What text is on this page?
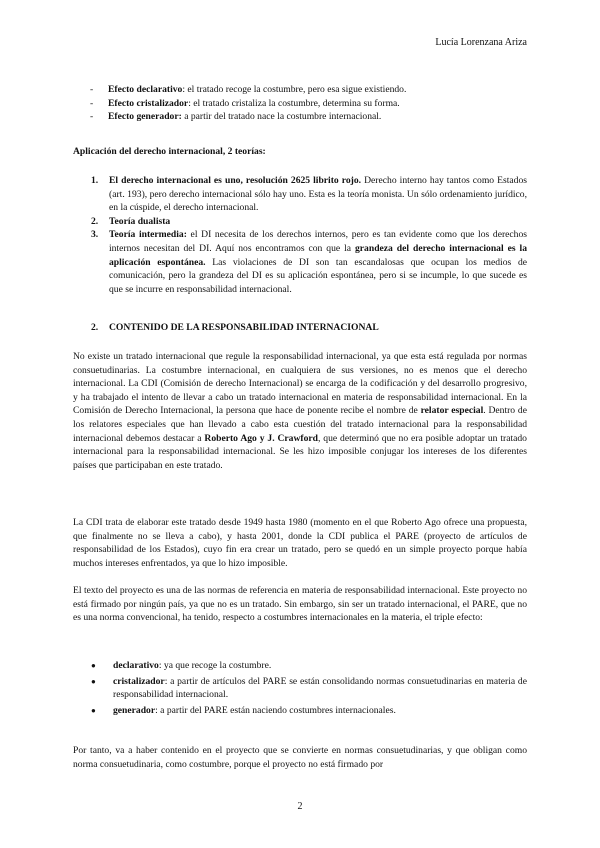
Lucía Lorenzana Ariza
- Efecto declarativo: el tratado recoge la costumbre, pero esa sigue existiendo.
- Efecto cristalizador: el tratado cristaliza la costumbre, determina su forma.
- Efecto generador: a partir del tratado nace la costumbre internacional.
Aplicación del derecho internacional, 2 teorías:
1. El derecho internacional es uno, resolución 2625 librito rojo. Derecho interno hay tantos como Estados (art. 193), pero derecho internacional sólo hay uno. Esta es la teoría monista. Un sólo ordenamiento jurídico, en la cúspide, el derecho internacional.
2. Teoría dualista
3. Teoría intermedia: el DI necesita de los derechos internos, pero es tan evidente como que los derechos internos necesitan del DI. Aquí nos encontramos con que la grandeza del derecho internacional es la aplicación espontánea. Las violaciones de DI son tan escandalosas que ocupan los medios de comunicación, pero la grandeza del DI es su aplicación espontánea, pero si se incumple, lo que sucede es que se incurre en responsabilidad internacional.
2. CONTENIDO DE LA RESPONSABILIDAD INTERNACIONAL

No existe un tratado internacional que regule la responsabilidad internacional, ya que esta está regulada por normas consuetudinarias. La costumbre internacional, en cualquiera de sus versiones, no es menos que el derecho internacional. La CDI (Comisión de derecho Internacional) se encarga de la codificación y del desarrollo progresivo, y ha trabajado el intento de llevar a cabo un tratado internacional en materia de responsabilidad internacional. En la Comisión de Derecho Internacional, la persona que hace de ponente recibe el nombre de relator especial. Dentro de los relatores especiales que han llevado a cabo esta cuestión del tratado internacional para la responsabilidad internacional debemos destacar a Roberto Ago y J. Crawford, que determinó que no era posible adoptar un tratado internacional para la responsabilidad internacional. Se les hizo imposible conjugar los intereses de los diferentes países que participaban en este tratado.

La CDI trata de elaborar este tratado desde 1949 hasta 1980 (momento en el que Roberto Ago ofrece una propuesta, que finalmente no se lleva a cabo), y hasta 2001, donde la CDI publica el PARE (proyecto de artículos de responsabilidad de los Estados), cuyo fin era crear un tratado, pero se quedó en un simple proyecto porque había muchos intereses enfrentados, ya que lo hizo imposible.

El texto del proyecto es una de las normas de referencia en materia de responsabilidad internacional. Este proyecto no está firmado por ningún país, ya que no es un tratado. Sin embargo, sin ser un tratado internacional, el PARE, que no es una norma convencional, ha tenido, respecto a costumbres internacionales en la materia, el triple efecto:

● declarativo: ya que recoge la costumbre.
● cristalizador: a partir de artículos del PARE se están consolidando normas consuetudinarias en materia de responsabilidad internacional.
● generador: a partir del PARE están naciendo costumbres internacionales.

Por tanto, va a haber contenido en el proyecto que se convierte en normas consuetudinarias, y que obligan como norma consuetudinaria, como costumbre, porque el proyecto no está firmado por

2
